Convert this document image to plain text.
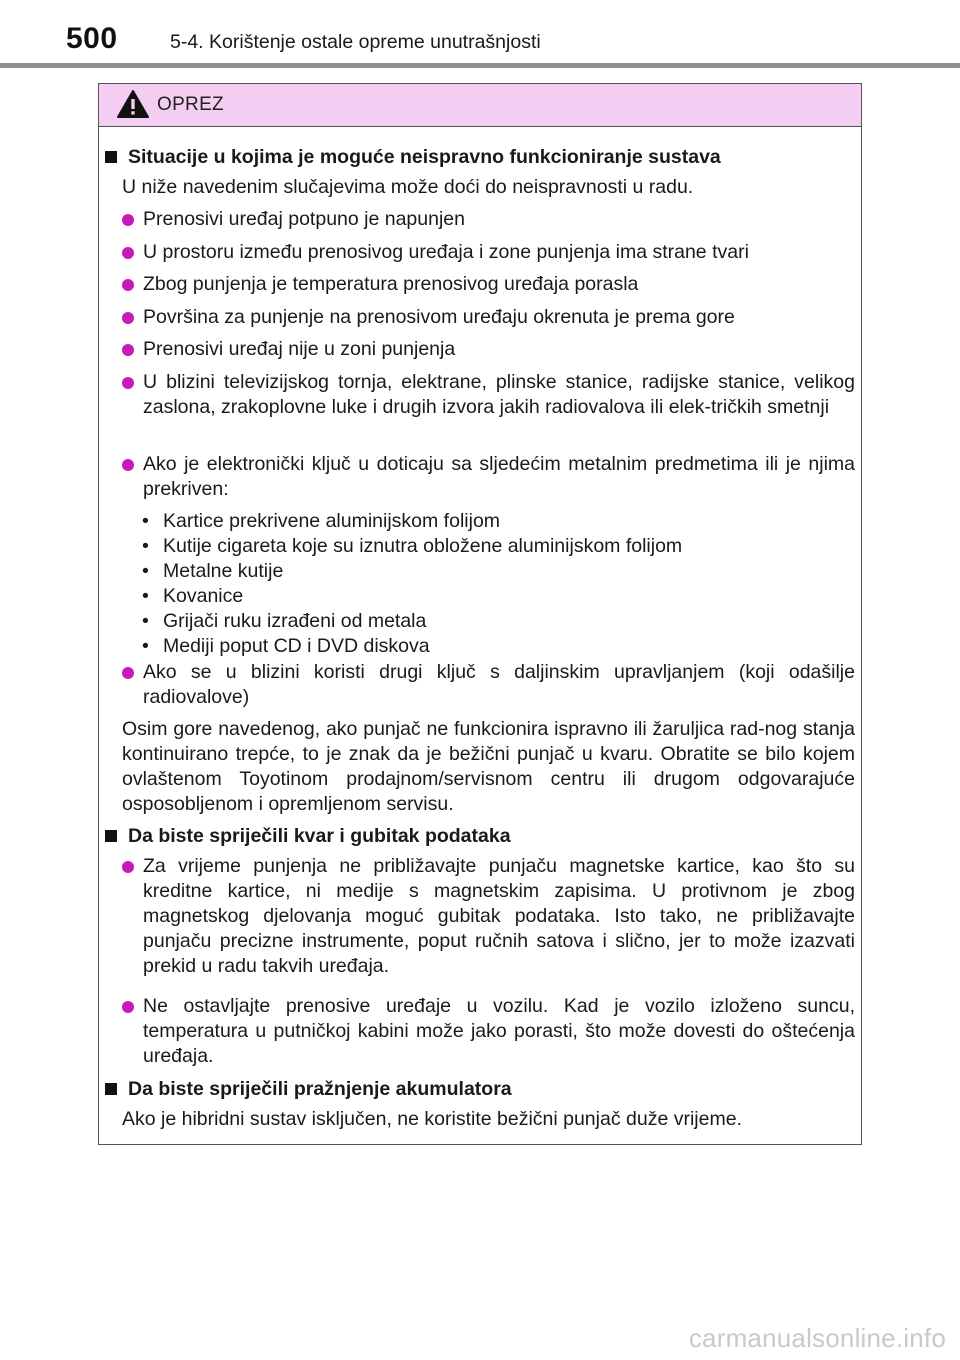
500	5-4. Korištenje ostale opreme unutrašnjosti
OPREZ
Situacije u kojima je moguće neispravno funkcioniranje sustava
U niže navedenim slučajevima može doći do neispravnosti u radu.
Prenosivi uređaj potpuno je napunjen
U prostoru između prenosivog uređaja i zone punjenja ima strane tvari
Zbog punjenja je temperatura prenosivog uređaja porasla
Površina za punjenje na prenosivom uređaju okrenuta je prema gore
Prenosivi uređaj nije u zoni punjenja
U blizini televizijskog tornja, elektrane, plinske stanice, radijske stanice, velikog zaslona, zrakoplovne luke i drugih izvora jakih radiovalova ili elek-tričkih smetnji
Ako je elektronički ključ u doticaju sa sljedećim metalnim predmetima ili je njima prekriven:
• Kartice prekrivene aluminijskom folijom
• Kutije cigareta koje su iznutra obložene aluminijskom folijom
• Metalne kutije
• Kovanice
• Grijači ruku izrađeni od metala
• Mediji poput CD i DVD diskova
Ako se u blizini koristi drugi ključ s daljinskim upravljanjem (koji odašilje radiovalove)
Osim gore navedenog, ako punjač ne funkcionira ispravno ili žaruljica rad-nog stanja kontinuirano trepće, to je znak da je bežični punjač u kvaru. Obratite se bilo kojem ovlaštenom Toyotinom prodajnom/servisnom centru ili drugom odgovarajuće osposobljenom i opremljenom servisu.
Da biste spriječili kvar i gubitak podataka
Za vrijeme punjenja ne približavajte punjaču magnetske kartice, kao što su kreditne kartice, ni medije s magnetskim zapisima. U protivnom je zbog magnetskog djelovanja moguć gubitak podataka. Isto tako, ne približavajte punjaču precizne instrumente, poput ručnih satova i slično, jer to može izazvati prekid u radu takvih uređaja.
Ne ostavljajte prenosive uređaje u vozilu. Kad je vozilo izloženo suncu, temperatura u putničkoj kabini može jako porasti, što može dovesti do oštećenja uređaja.
Da biste spriječili pražnjenje akumulatora
Ako je hibridni sustav isključen, ne koristite bežični punjač duže vrijeme.
carmanualsonline.info
